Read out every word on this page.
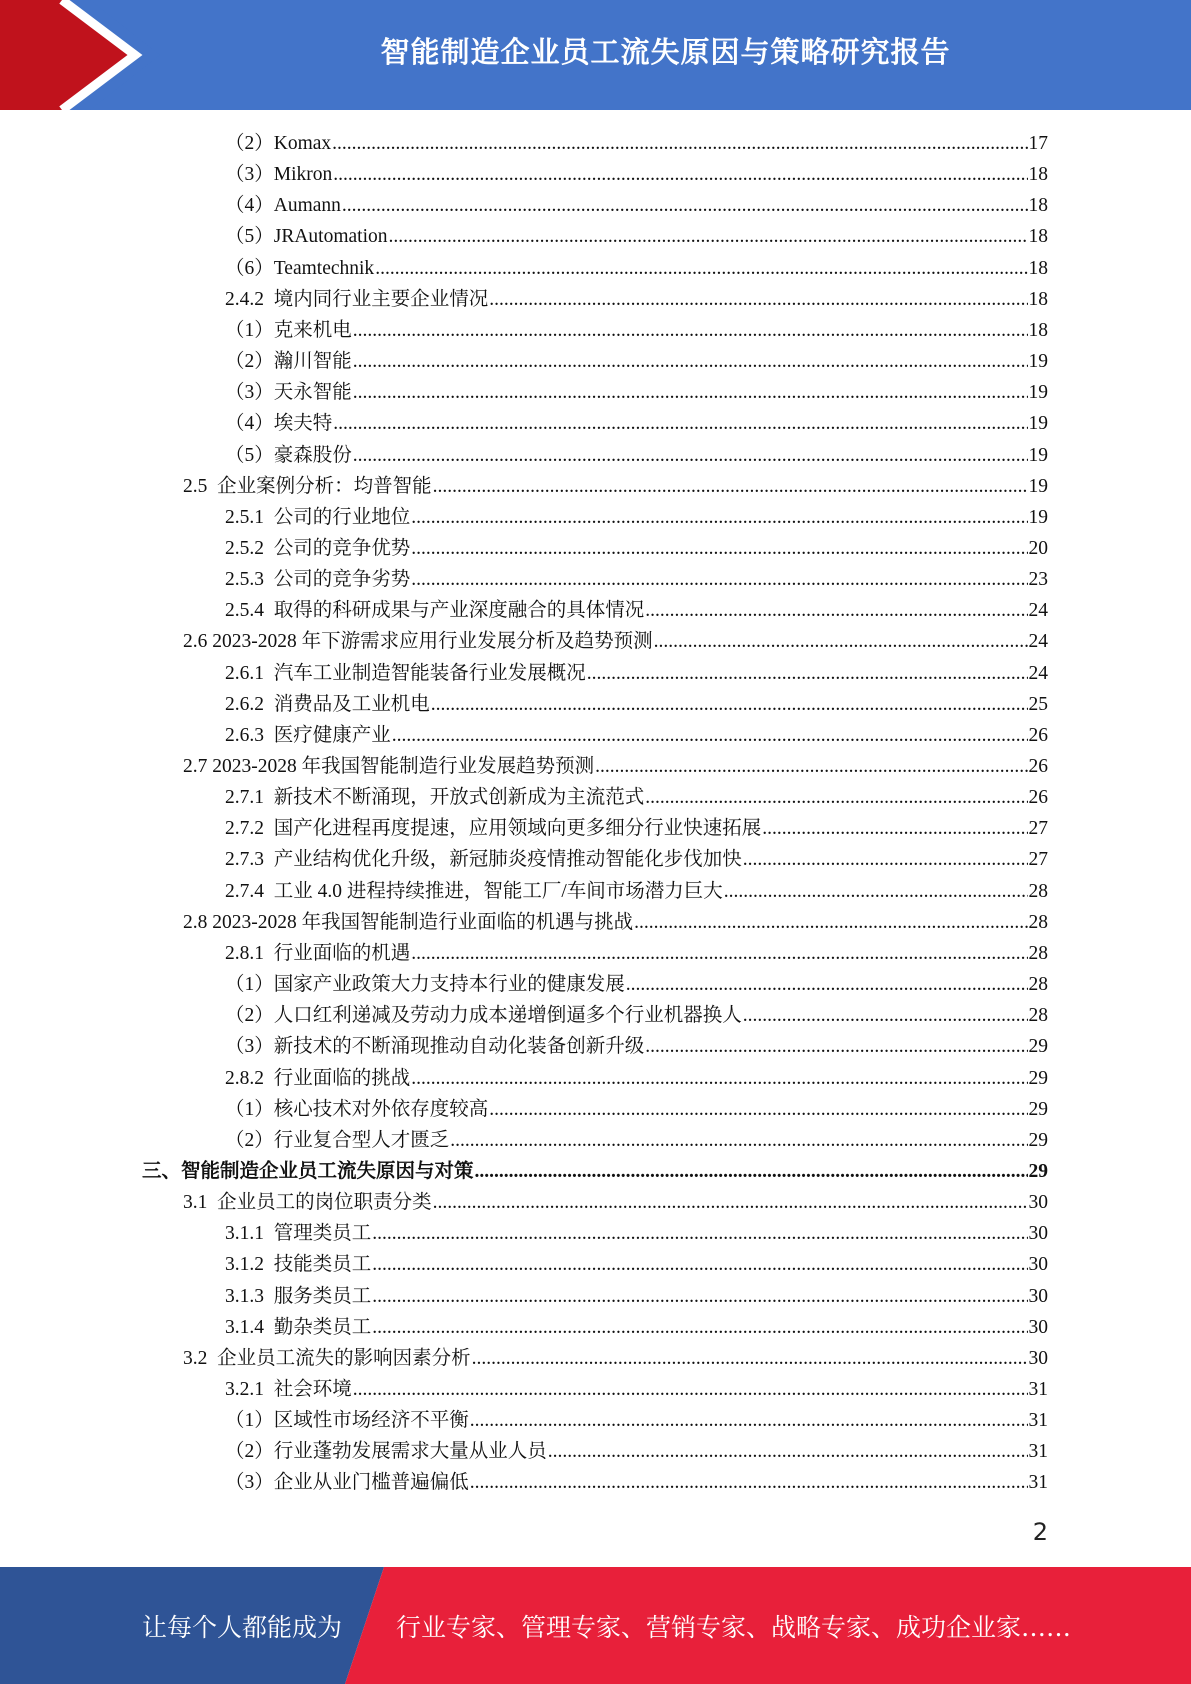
智能制造企业员工流失原因与策略研究报告
（2）Komax .....	17
（3）Mikron .....	18
（4）Aumann .....	18
（5）JRAutomation .....	18
（6）Teamtechnik .....	18
2.4.2  境内同行业主要企业情况 .....	18
（1）克来机电 .....	18
（2）瀚川智能 .....	19
（3）天永智能 .....	19
（4）埃夫特 .....	19
（5）豪森股份 .....	19
2.5  企业案例分析：均普智能 .....	19
2.5.1  公司的行业地位 .....	19
2.5.2  公司的竞争优势 .....	20
2.5.3  公司的竞争劣势 .....	23
2.5.4  取得的科研成果与产业深度融合的具体情况 .....	24
2.6 2023-2028 年下游需求应用行业发展分析及趋势预测 .....	24
2.6.1  汽车工业制造智能装备行业发展概况 .....	24
2.6.2  消费品及工业机电 .....	25
2.6.3  医疗健康产业 .....	26
2.7 2023-2028 年我国智能制造行业发展趋势预测 .....	26
2.7.1  新技术不断涌现，开放式创新成为主流范式 .....	26
2.7.2  国产化进程再度提速，应用领域向更多细分行业快速拓展 .....	27
2.7.3  产业结构优化升级，新冠肺炎疫情推动智能化步伐加快 .....	27
2.7.4  工业 4.0 进程持续推进，智能工厂/车间市场潜力巨大 .....	28
2.8 2023-2028 年我国智能制造行业面临的机遇与挑战 .....	28
2.8.1  行业面临的机遇 .....	28
（1）国家产业政策大力支持本行业的健康发展 .....	28
（2）人口红利递减及劳动力成本递增倒逼多个行业机器换人 .....	28
（3）新技术的不断涌现推动自动化装备创新升级 .....	29
2.8.2  行业面临的挑战 .....	29
（1）核心技术对外依存度较高 .....	29
（2）行业复合型人才匮乏 .....	29
三、智能制造企业员工流失原因与对策 .....	29
3.1  企业员工的岗位职责分类 .....	30
3.1.1  管理类员工 .....	30
3.1.2  技能类员工 .....	30
3.1.3  服务类员工 .....	30
3.1.4  勤杂类员工 .....	30
3.2  企业员工流失的影响因素分析 .....	30
3.2.1  社会环境 .....	31
（1）区域性市场经济不平衡 .....	31
（2）行业蓬勃发展需求大量从业人员 .....	31
（3）企业从业门槛普遍偏低 .....	31
2
让每个人都能成为 行业专家、管理专家、营销专家、战略专家、成功企业家……
